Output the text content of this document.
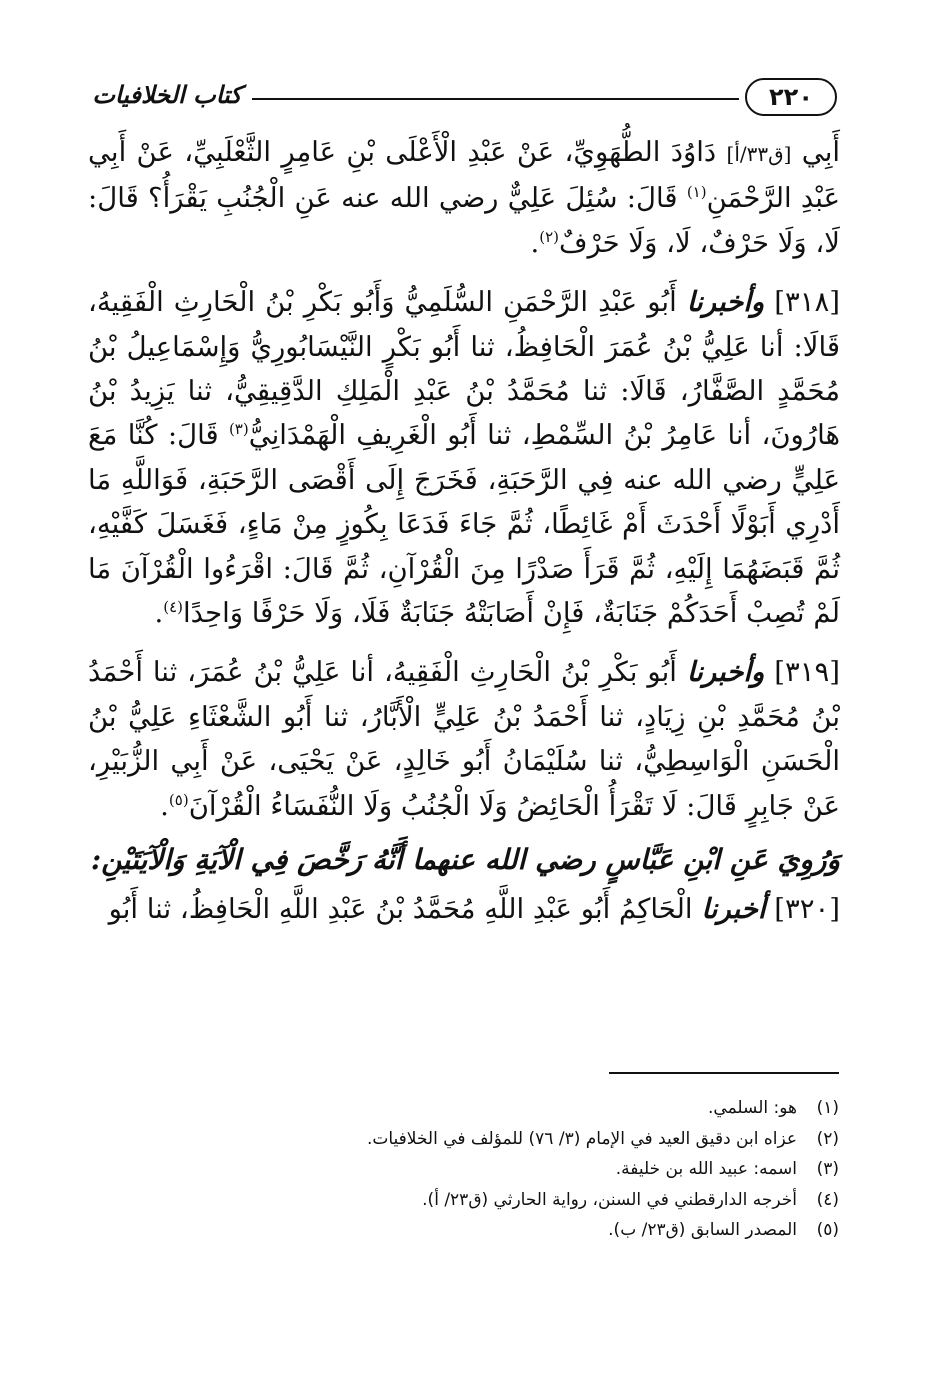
٢٢٠
كتاب الخلافيات

أَبِي [ق٣٣/أ] دَاوُدَ الطُّهَوِيِّ، عَنْ عَبْدِ الْأَعْلَى بْنِ عَامِرٍ الثَّعْلَبِيِّ، عَنْ أَبِي عَبْدِ الرَّحْمَنِ$^{(١)}$ قَالَ: سُئِلَ عَلِيٌّ رضي الله عنه عَنِ الْجُنُبِ يَقْرَأُ؟ قَالَ: لَا، وَلَا حَرْفٌ، لَا، وَلَا حَرْفٌ$^{(٢)}$.

[٣١٨] وأخبرنا أَبُو عَبْدِ الرَّحْمَنِ السُّلَمِيُّ وَأَبُو بَكْرِ بْنُ الْحَارِثِ الْفَقِيهُ، قَالَا: أنا عَلِيُّ بْنُ عُمَرَ الْحَافِظُ، ثنا أَبُو بَكْرٍ النَّيْسَابُورِيُّ وَإِسْمَاعِيلُ بْنُ مُحَمَّدٍ الصَّفَّارُ، قَالَا: ثنا مُحَمَّدُ بْنُ عَبْدِ الْمَلِكِ الدَّقِيقِيُّ، ثنا يَزِيدُ بْنُ هَارُونَ، أنا عَامِرُ بْنُ السِّمْطِ، ثنا أَبُو الْغَرِيفِ الْهَمْدَانِيُّ$^{(٣)}$ قَالَ: كُنَّا مَعَ عَلِيٍّ رضي الله عنه فِي الرَّحَبَةِ، فَخَرَجَ إِلَى أَقْصَى الرَّحَبَةِ، فَوَاللَّهِ مَا أَدْرِي أَبَوْلًا أَحْدَثَ أَمْ غَائِطًا، ثُمَّ جَاءَ فَدَعَا بِكُوزٍ مِنْ مَاءٍ، فَغَسَلَ كَفَّيْهِ، ثُمَّ قَبَضَهُمَا إِلَيْهِ، ثُمَّ قَرَأَ صَدْرًا مِنَ الْقُرْآنِ، ثُمَّ قَالَ: اقْرَءُوا الْقُرْآنَ مَا لَمْ تُصِبْ أَحَدَكُمْ جَنَابَةٌ، فَإِنْ أَصَابَتْهُ جَنَابَةٌ فَلَا، وَلَا حَرْفًا وَاحِدًا$^{(٤)}$.

[٣١٩] وأخبرنا أَبُو بَكْرِ بْنُ الْحَارِثِ الْفَقِيهُ، أنا عَلِيُّ بْنُ عُمَرَ، ثنا أَحْمَدُ بْنُ مُحَمَّدِ بْنِ زِيَادٍ، ثنا أَحْمَدُ بْنُ عَلِيٍّ الْأَبَّارُ، ثنا أَبُو الشَّعْثَاءِ عَلِيُّ بْنُ الْحَسَنِ الْوَاسِطِيُّ، ثنا سُلَيْمَانُ أَبُو خَالِدٍ، عَنْ يَحْيَى، عَنْ أَبِي الزُّبَيْرِ، عَنْ جَابِرٍ قَالَ: لَا تَقْرَأُ الْحَائِضُ وَلَا الْجُنُبُ وَلَا النُّفَسَاءُ الْقُرْآنَ$^{(٥)}$.

وَرُوِيَ عَنِ ابْنِ عَبَّاسٍ رضي الله عنهما أَنَّهُ رَخَّصَ فِي الْآيَةِ وَالْآيَتَيْنِ:

[٣٢٠] أخبرنا الْحَاكِمُ أَبُو عَبْدِ اللَّهِ مُحَمَّدُ بْنُ عَبْدِ اللَّهِ الْحَافِظُ، ثنا أَبُو

(١)
هو: السلمي.
(٢)
عزاه ابن دقيق العيد في الإمام (٣/ ٧٦) للمؤلف في الخلافيات.
(٣)
اسمه: عبيد الله بن خليفة.
(٤)
أخرجه الدارقطني في السنن، رواية الحارثي (ق٢٣/ أ).
(٥)
المصدر السابق (ق٢٣/ ب).
